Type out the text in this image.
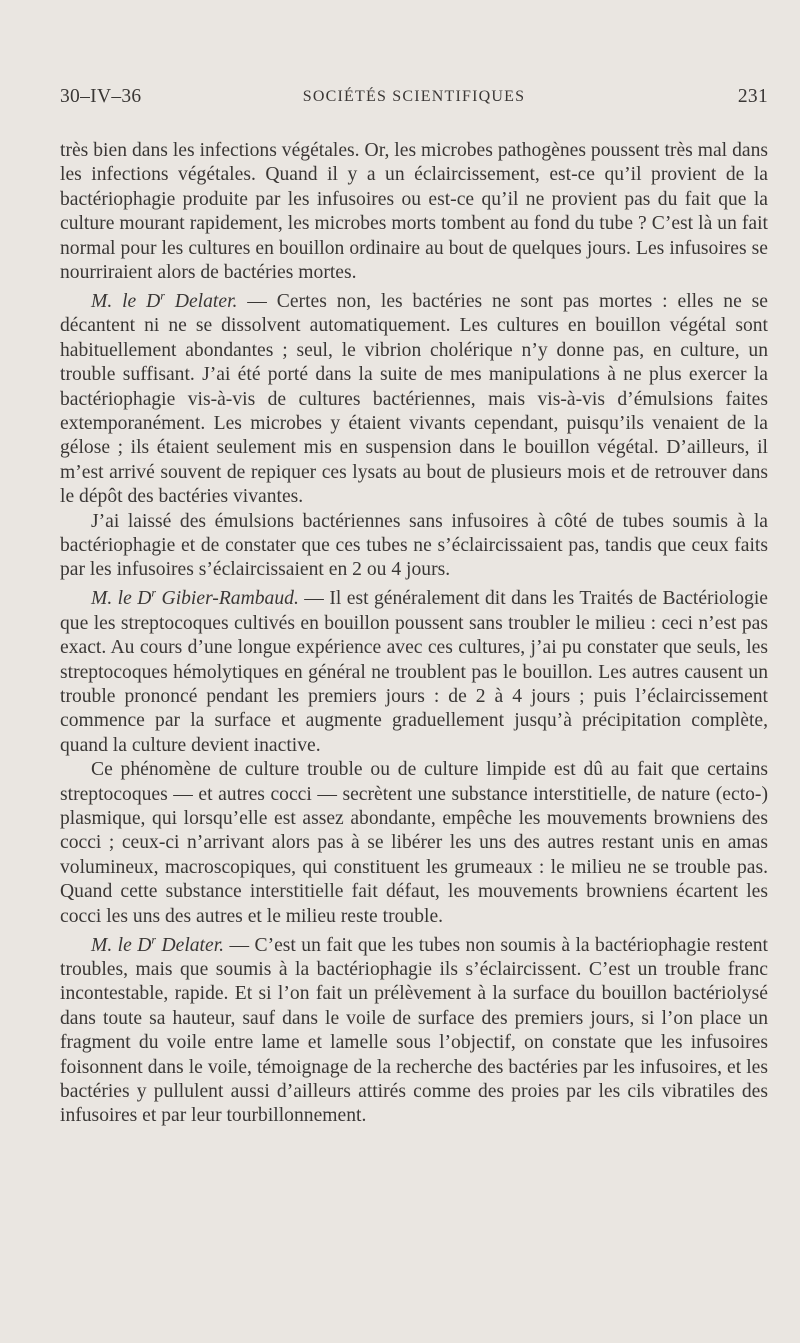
30–IV–36	SOCIÉTÉS SCIENTIFIQUES	231

très bien dans les infections végétales. Or, les microbes pathogènes poussent très mal dans les infections végétales. Quand il y a un éclaircissement, est-ce qu’il provient de la bactériophagie produite par les infusoires ou est-ce qu’il ne provient pas du fait que la culture mourant rapidement, les microbes morts tombent au fond du tube ? C’est là un fait normal pour les cultures en bouillon ordinaire au bout de quelques jours. Les infusoires se nourriraient alors de bactéries mortes.

M. le $D^r$ Delater. — Certes non, les bactéries ne sont pas mortes : elles ne se décantent ni ne se dissolvent automatiquement. Les cultures en bouillon végétal sont habituellement abondantes ; seul, le vibrion cholérique n’y donne pas, en culture, un trouble suffisant. J’ai été porté dans la suite de mes manipulations à ne plus exercer la bactériophagie vis-à-vis de cultures bactériennes, mais vis-à-vis d’émulsions faites extemporanément. Les microbes y étaient vivants cependant, puisqu’ils venaient de la gélose ; ils étaient seulement mis en suspension dans le bouillon végétal. D’ailleurs, il m’est arrivé souvent de repiquer ces lysats au bout de plusieurs mois et de retrouver dans le dépôt des bactéries vivantes.

J’ai laissé des émulsions bactériennes sans infusoires à côté de tubes soumis à la bactériophagie et de constater que ces tubes ne s’éclaircissaient pas, tandis que ceux faits par les infusoires s’éclaircissaient en 2 ou 4 jours.

M. le $D^r$ Gibier-Rambaud. — Il est généralement dit dans les Traités de Bactériologie que les streptocoques cultivés en bouillon poussent sans troubler le milieu : ceci n’est pas exact. Au cours d’une longue expérience avec ces cultures, j’ai pu constater que seuls, les streptocoques hémolytiques en général ne troublent pas le bouillon. Les autres causent un trouble prononcé pendant les premiers jours : de 2 à 4 jours ; puis l’éclaircissement commence par la surface et augmente graduellement jusqu’à précipitation complète, quand la culture devient inactive.

Ce phénomène de culture trouble ou de culture limpide est dû au fait que certains streptocoques — et autres cocci — secrètent une substance interstitielle, de nature (ecto-) plasmique, qui lorsqu’elle est assez abondante, empêche les mouvements browniens des cocci ; ceux-ci n’arrivant alors pas à se libérer les uns des autres restant unis en amas volumineux, macroscopiques, qui constituent les grumeaux : le milieu ne se trouble pas. Quand cette substance interstitielle fait défaut, les mouvements browniens écartent les cocci les uns des autres et le milieu reste trouble.

M. le $D^r$ Delater. — C’est un fait que les tubes non soumis à la bactériophagie restent troubles, mais que soumis à la bactériophagie ils s’éclaircissent. C’est un trouble franc incontestable, rapide. Et si l’on fait un prélèvement à la surface du bouillon bactériolysé dans toute sa hauteur, sauf dans le voile de surface des premiers jours, si l’on place un fragment du voile entre lame et lamelle sous l’objectif, on constate que les infusoires foisonnent dans le voile, témoignage de la recherche des bactéries par les infusoires, et les bactéries y pullulent aussi d’ailleurs attirés comme des proies par les cils vibratiles des infusoires et par leur tourbillonnement.
